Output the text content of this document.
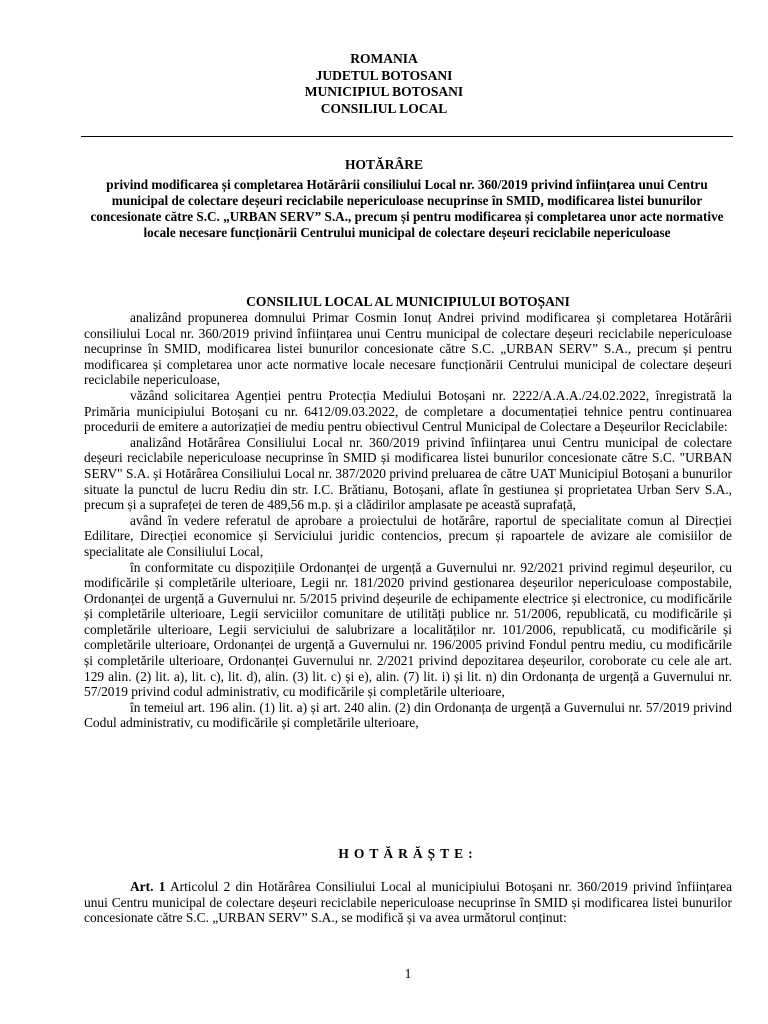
ROMANIA
JUDETUL BOTOSANI
MUNICIPIUL BOTOSANI
CONSILIUL LOCAL
HOTĂRÂRE
privind modificarea și completarea Hotărârii consiliului Local nr. 360/2019 privind înființarea unui Centru municipal de colectare deșeuri reciclabile nepericuloase necuprinse în SMID, modificarea listei bunurilor concesionate către S.C. „URBAN SERV” S.A., precum și pentru modificarea și completarea unor acte normative locale necesare funcționării Centrului municipal de colectare deșeuri reciclabile nepericuloase
CONSILIUL LOCAL AL MUNICIPIULUI BOTOȘANI

analizând propunerea domnului Primar Cosmin Ionuț Andrei privind modificarea și completarea Hotărârii consiliului Local nr. 360/2019 privind înființarea unui Centru municipal de colectare deșeuri reciclabile nepericuloase necuprinse în SMID, modificarea listei bunurilor concesionate către S.C. „URBAN SERV” S.A., precum și pentru modificarea și completarea unor acte normative locale necesare funcționării Centrului municipal de colectare deșeuri reciclabile nepericuloase,

văzând solicitarea Agenției pentru Protecția Mediului Botoșani nr. 2222/A.A.A./24.02.2022, înregistrată la Primăria municipiului Botoșani cu nr. 6412/09.03.2022, de completare a documentației tehnice pentru continuarea procedurii de emitere a autorizației de mediu pentru obiectivul Centrul Municipal de Colectare a Deșeurilor Reciclabile:

analizând Hotărârea Consiliului Local nr. 360/2019 privind înființarea unui Centru municipal de colectare deșeuri reciclabile nepericuloase necuprinse în SMID și modificarea listei bunurilor concesionate către S.C. "URBAN SERV" S.A. și Hotărârea Consiliului Local nr. 387/2020 privind preluarea de către UAT Municipiul Botoșani a bunurilor situate la punctul de lucru Rediu din str. I.C. Brătianu, Botoșani, aflate în gestiunea și proprietatea Urban Serv S.A., precum și a suprafeței de teren de 489,56 m.p. și a clădirilor amplasate pe această suprafață,

având în vedere referatul de aprobare a proiectului de hotărâre, raportul de specialitate comun al Direcției Edilitare, Direcției economice și Serviciului juridic contencios, precum și rapoartele de avizare ale comisiilor de specialitate ale Consiliului Local,

în conformitate cu dispozițiile Ordonanței de urgență a Guvernului nr. 92/2021 privind regimul deșeurilor, cu modificările și completările ulterioare, Legii nr. 181/2020 privind gestionarea deșeurilor nepericuloase compostabile, Ordonanței de urgență a Guvernului nr. 5/2015 privind deșeurile de echipamente electrice și electronice, cu modificările și completările ulterioare, Legii serviciilor comunitare de utilități publice nr. 51/2006, republicată, cu modificările și completările ulterioare, Legii serviciului de salubrizare a localităților nr. 101/2006, republicată, cu modificările și completările ulterioare, Ordonanței de urgență a Guvernului nr. 196/2005 privind Fondul pentru mediu, cu modificările și completările ulterioare, Ordonanței Guvernului nr. 2/2021 privind depozitarea deșeurilor, coroborate cu cele ale art. 129 alin. (2) lit. a), lit. c), lit. d), alin. (3) lit. c) și e), alin. (7) lit. i) și lit. n) din Ordonanța de urgență a Guvernului nr. 57/2019 privind codul administrativ, cu modificările și completările ulterioare,

în temeiul art. 196 alin. (1) lit. a) și art. 240 alin. (2) din Ordonanța de urgență a Guvernului nr. 57/2019 privind Codul administrativ, cu modificările și completările ulterioare,

HOTĂRĂȘTE:

Art. 1 Articolul 2 din Hotărârea Consiliului Local al municipiului Botoșani nr. 360/2019 privind înființarea unui Centru municipal de colectare deșeuri reciclabile nepericuloase necuprinse în SMID și modificarea listei bunurilor concesionate către S.C. „URBAN SERV” S.A., se modifică și va avea următorul conținut:

1
